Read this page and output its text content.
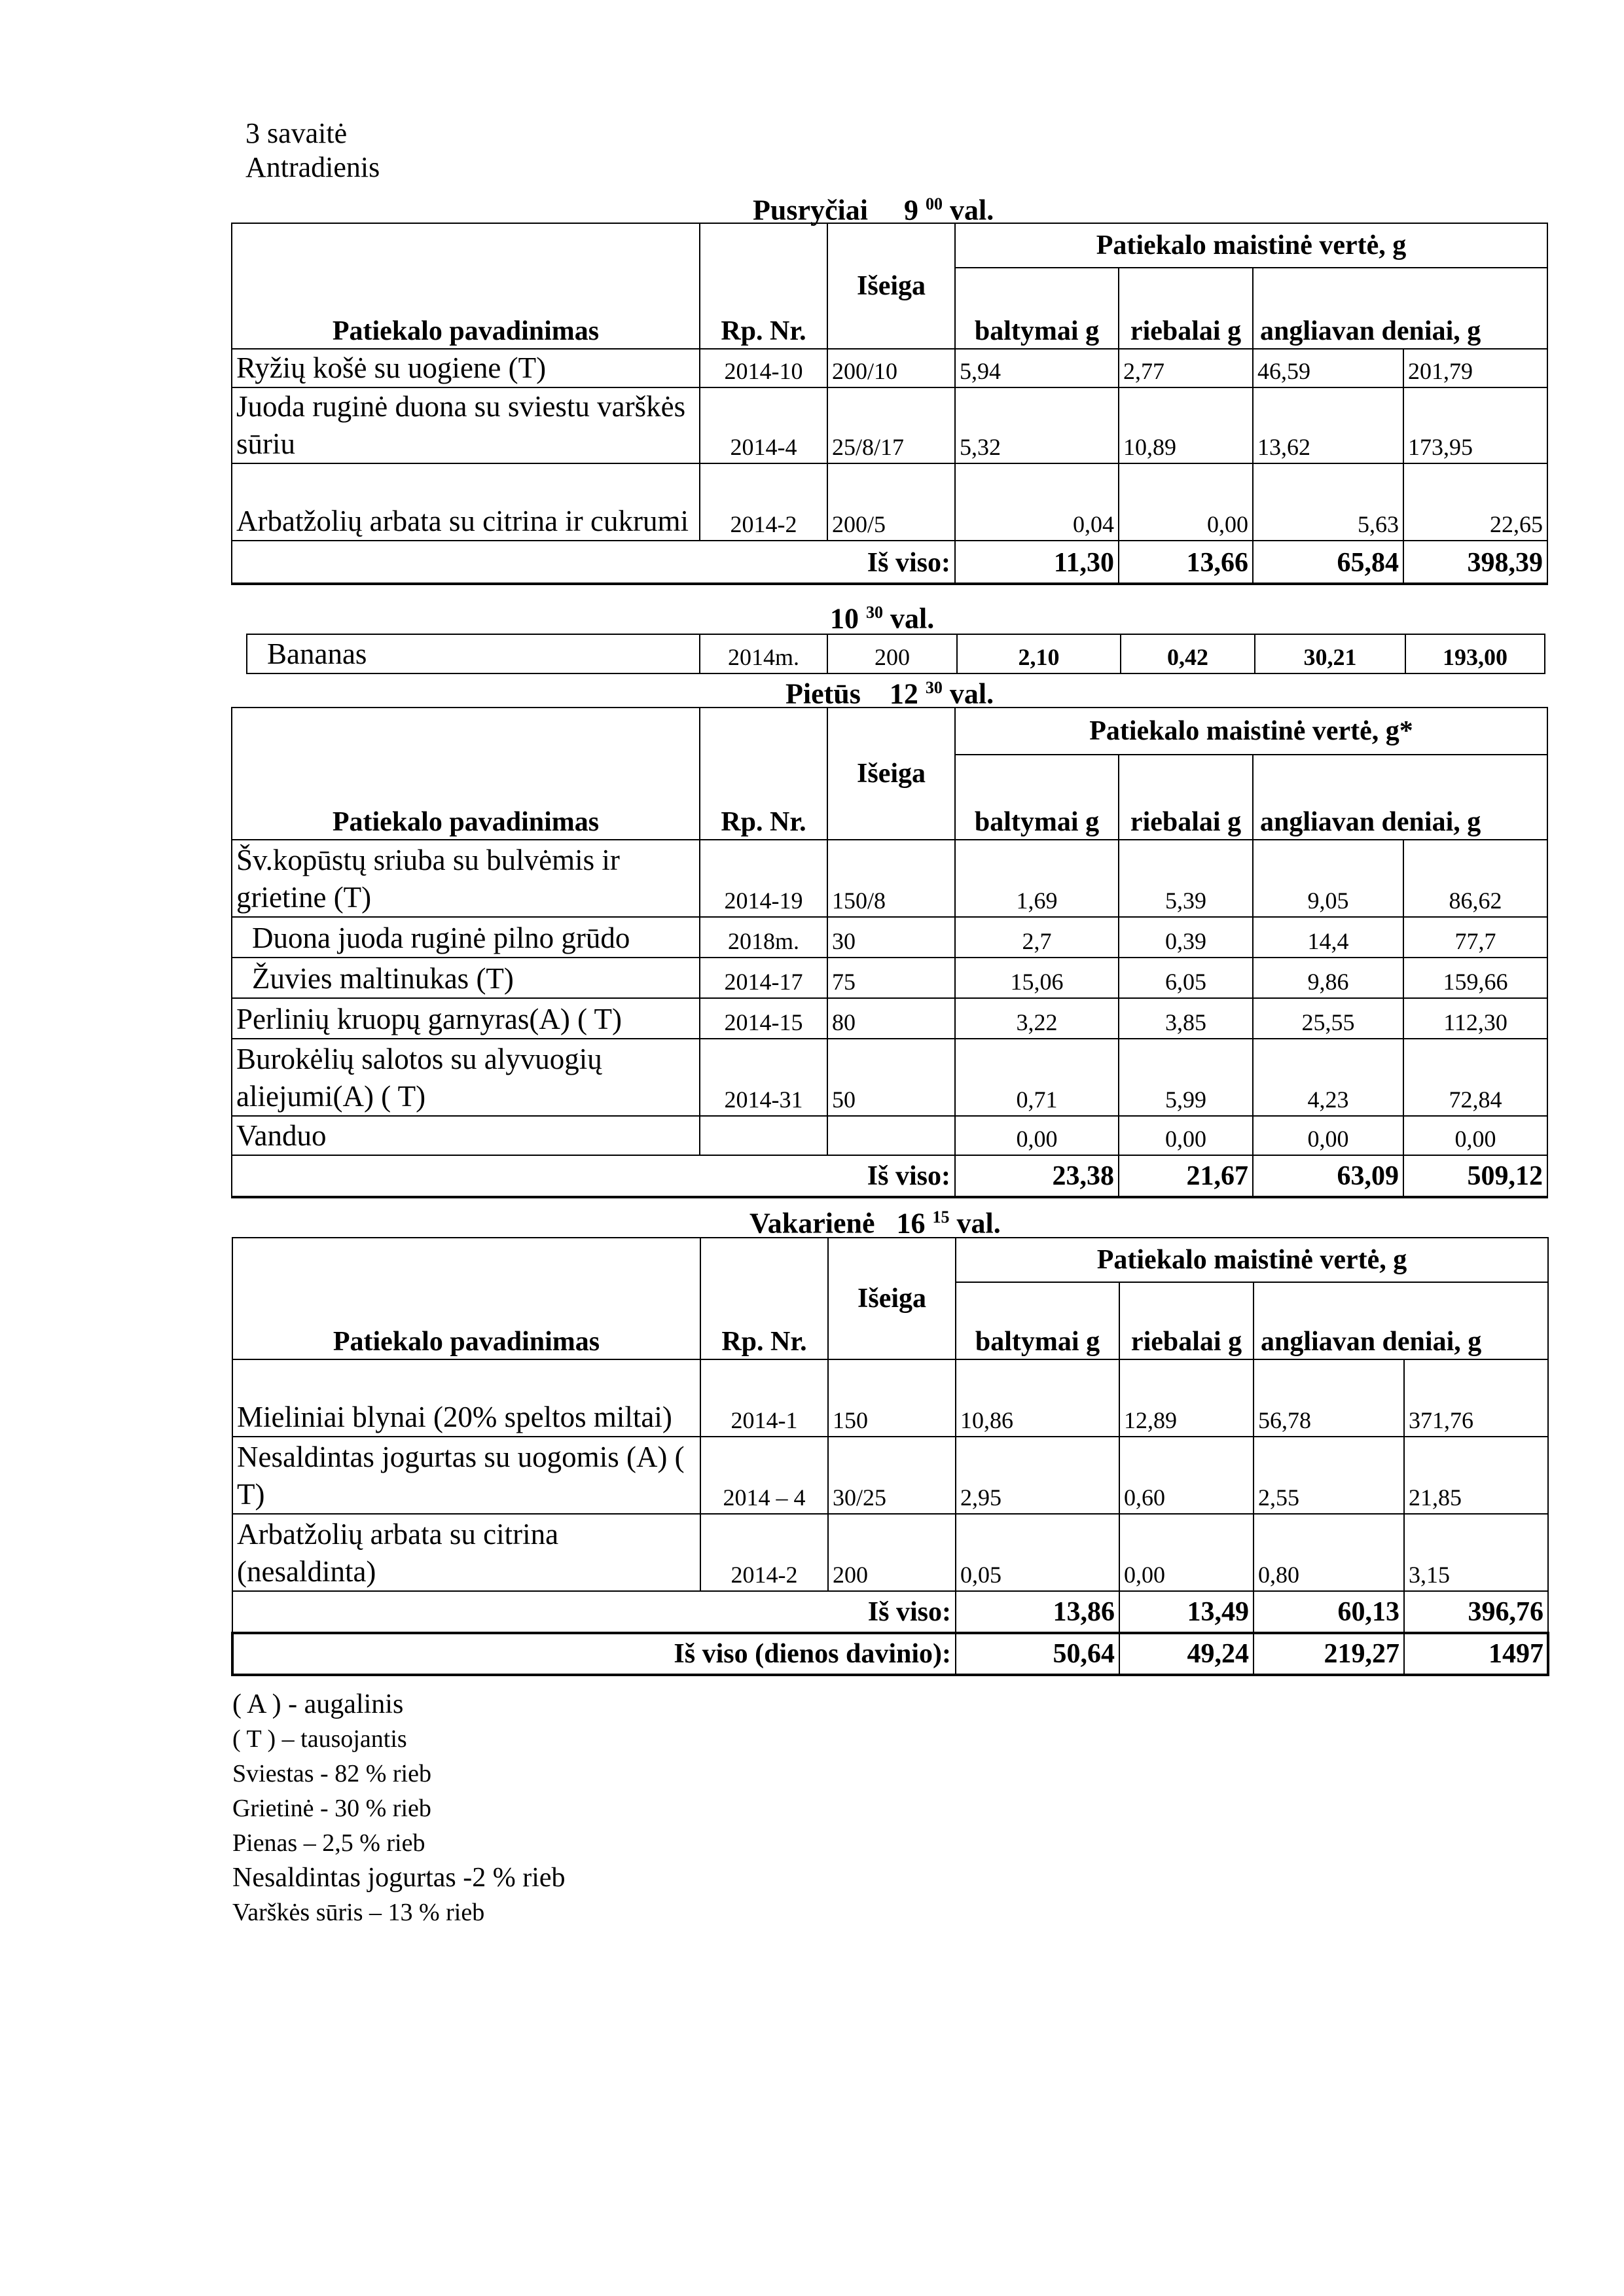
3 savaitė
Antradienis
Pusryčiai 9 $^{00}$ val.
Patiekalo pavadinimas	Rp. Nr.	Išeiga	Patiekalo maistinė vertė, g	
			baltymai g	riebalai g	angliavan deniai, g		
Ryžių košė su uogiene (T)	2014-10	200/10	5,94	2,77	46,59	201,79	
Juoda ruginė duona su sviestu varškės sūriu	2014-4	25/8/17	5,32	10,89	13,62	173,95	
Arbatžolių arbata su citrina ir cukrumi	2014-2	200/5	0,04	0,00	5,63	22,65	
Iš viso:			11,30	13,66	65,84	398,39	
10 $^{30}$ val.
Bananas	2014m.	200	2,10	0,42	30,21	193,00
Pietūs 12 $^{30}$ val.
Patiekalo pavadinimas	Rp. Nr.	Išeiga	Patiekalo maistinė vertė, g*	
			baltymai g	riebalai g	angliavan deniai, g		
Šv.kopūstų sriuba su bulvėmis ir grietine (T)	2014-19	150/8	1,69	5,39	9,05	86,62	
Duona juoda ruginė pilno grūdo	2018m.	30	2,7	0,39	14,4	77,7	
Žuvies maltinukas (T)	2014-17	75	15,06	6,05	9,86	159,66	
Perlinių kruopų garnyras(A) ( T)	2014-15	80	3,22	3,85	25,55	112,30	
Burokėlių salotos su alyvuogių aliejumi(A) ( T)	2014-31	50	0,71	5,99	4,23	72,84	
Vanduo			0,00	0,00	0,00	0,00	
Iš viso:			23,38	21,67	63,09	509,12	
Vakarienė 16 $^{15}$ val.
Patiekalo pavadinimas	Rp. Nr.	Išeiga	Patiekalo maistinė vertė, g	
			baltymai g	riebalai g	angliavan deniai, g		
Mieliniai blynai (20% speltos miltai)	2014-1	150	10,86	12,89	56,78	371,76	
Nesaldintas jogurtas su uogomis (A) ( T)	2014 – 4	30/25	2,95	0,60	2,55	21,85	
Arbatžolių arbata su citrina (nesaldinta)	2014-2	200	0,05	0,00	0,80	3,15	
Iš viso:			13,86	13,49	60,13	396,76	
Iš viso (dienos davinio):			50,64	49,24	219,27	1497	
( A ) - augalinis
( T ) – tausojantis
Sviestas - 82 % rieb
Grietinė - 30 % rieb
Pienas – 2,5 % rieb
Nesaldintas jogurtas -2 % rieb
Varškės sūris – 13 % rieb
